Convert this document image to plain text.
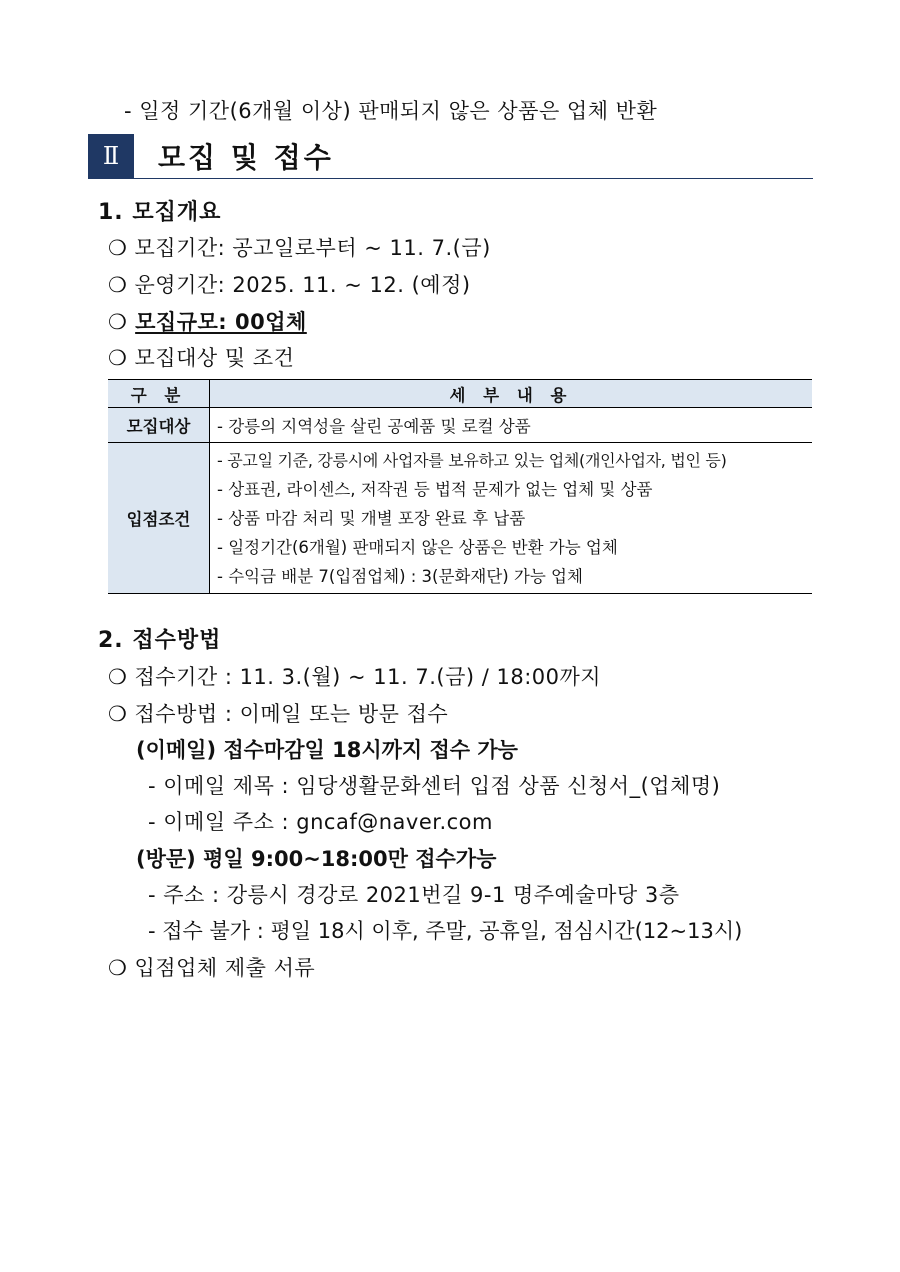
- 일정 기간(6개월 이상) 판매되지 않은 상품은 업체 반환
Ⅱ	모집 및 접수
1. 모집개요
❍ 모집기간: 공고일로부터 ~ 11. 7.(금)
❍ 운영기간: 2025. 11. ~ 12. (예정)
❍ 모집규모: 00업체
❍ 모집대상 및 조건
구 분	세 부 내 용
모집대상	- 강릉의 지역성을 살린 공예품 및 로컬 상품
입점조건	- 공고일 기준, 강릉시에 사업자를 보유하고 있는 업체(개인사업자, 법인 등)
- 상표권, 라이센스, 저작권 등 법적 문제가 없는 업체 및 상품
- 상품 마감 처리 및 개별 포장 완료 후 납품
- 일정기간(6개월) 판매되지 않은 상품은 반환 가능 업체
- 수익금 배분 7(입점업체) : 3(문화재단) 가능 업체
2. 접수방법
❍ 접수기간 : 11. 3.(월) ~ 11. 7.(금) / 18:00까지
❍ 접수방법 : 이메일 또는 방문 접수
(이메일) 접수마감일 18시까지 접수 가능
- 이메일 제목 : 임당생활문화센터 입점 상품 신청서_(업체명)
- 이메일 주소 : gncaf@naver.com
(방문) 평일 9:00~18:00만 접수가능
- 주소 : 강릉시 경강로 2021번길 9-1 명주예술마당 3층
- 접수 불가 : 평일 18시 이후, 주말, 공휴일, 점심시간(12~13시)
❍ 입점업체 제출 서류
